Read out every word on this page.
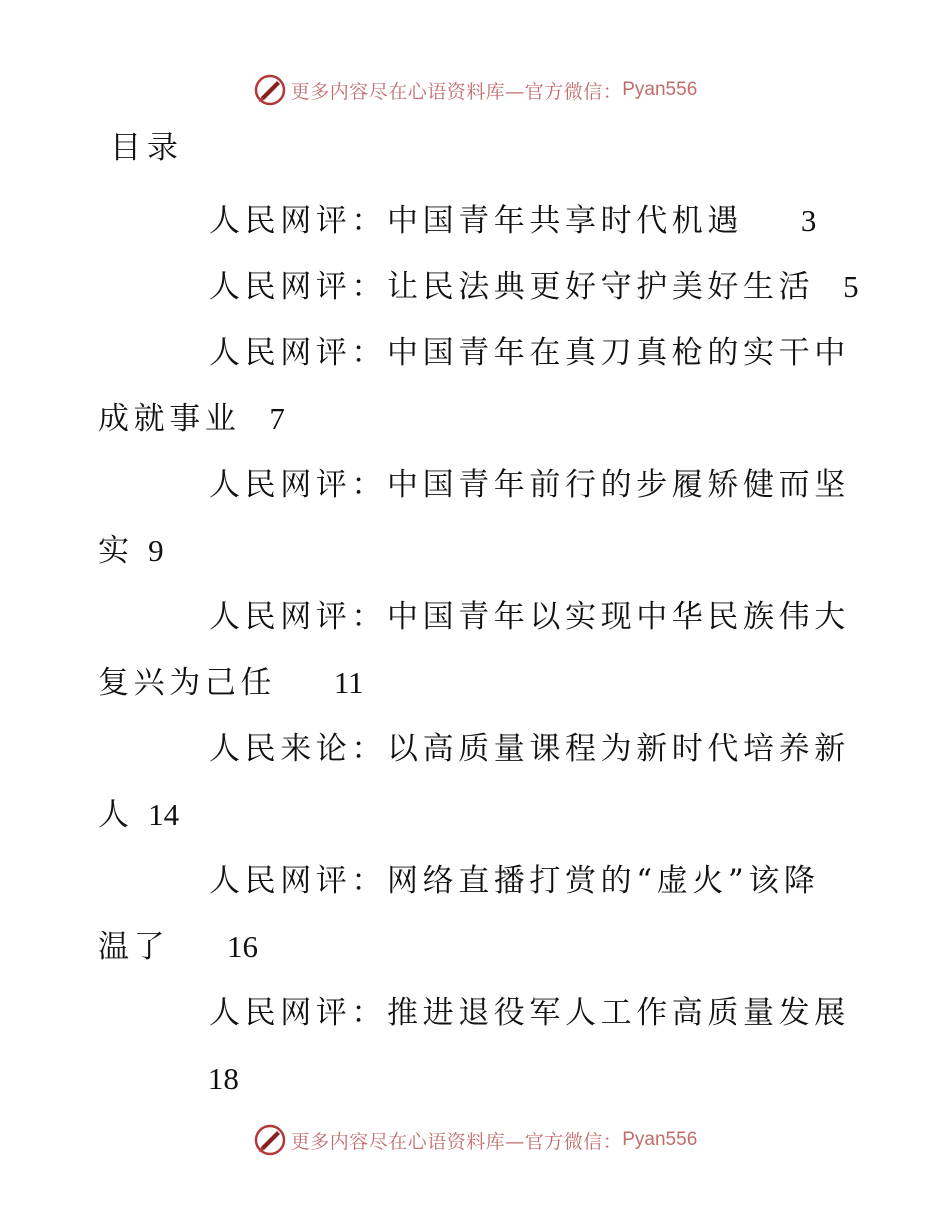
更多内容尽在心语资料库—官方微信： Pyan556
目录
人民网评：中国青年共享时代机遇 3
人民网评：让民法典更好守护美好生活 5
人民网评：中国青年在真刀真枪的实干中
成就事业 7
人民网评：中国青年前行的步履矫健而坚
实 9
人民网评：中国青年以实现中华民族伟大
复兴为己任 11
人民来论：以高质量课程为新时代培养新
人 14
人民网评：网络直播打赏的“虚火”该降
温了 16
人民网评：推进退役军人工作高质量发展
18
更多内容尽在心语资料库—官方微信： Pyan556
